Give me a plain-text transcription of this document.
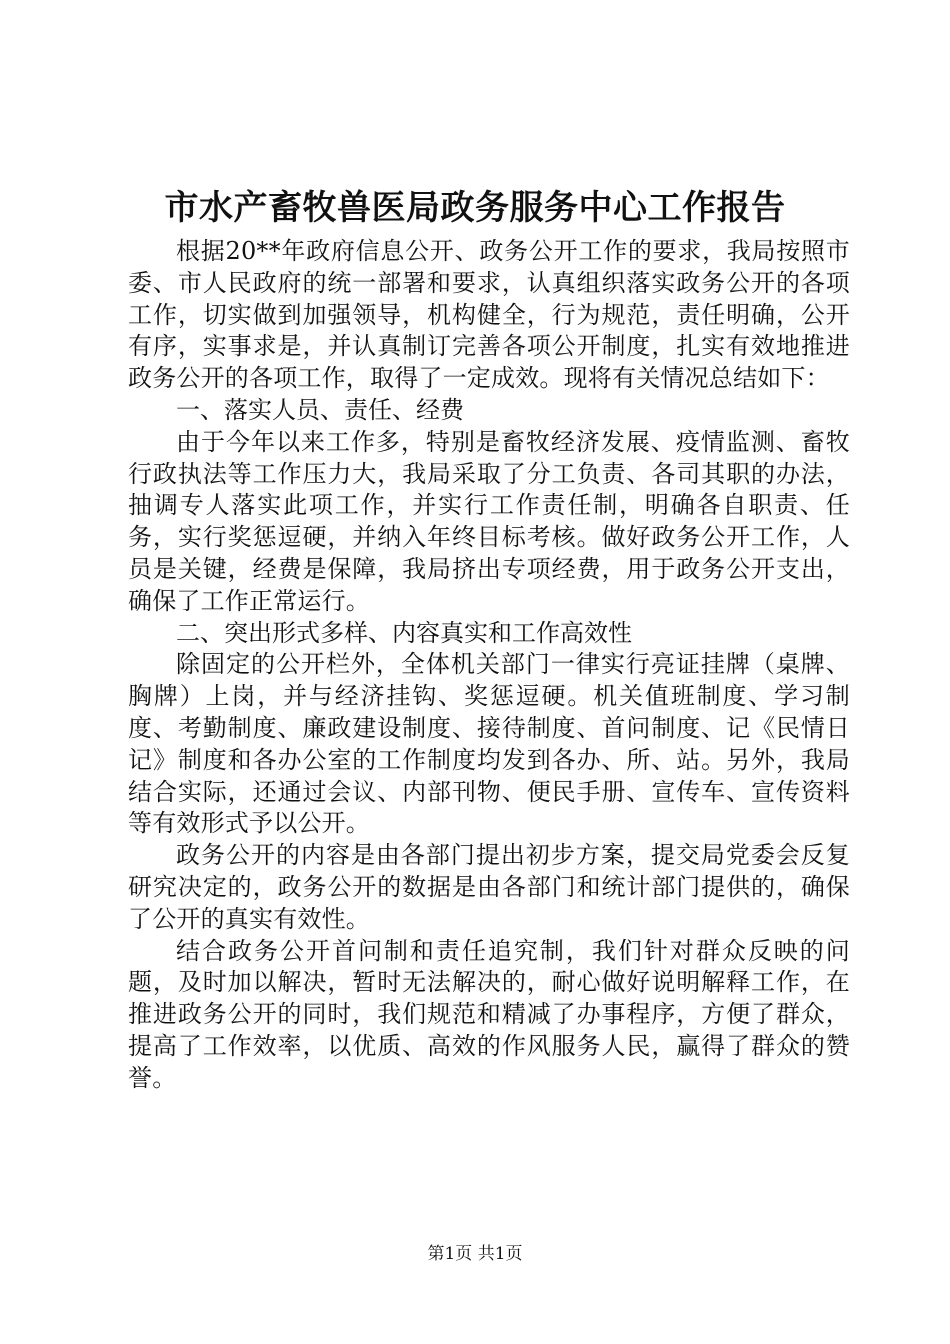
市水产畜牧兽医局政务服务中心工作报告

根据20**年政府信息公开、政务公开工作的要求，我局按照市委、市人民政府的统一部署和要求，认真组织落实政务公开的各项工作，切实做到加强领导，机构健全，行为规范，责任明确，公开有序，实事求是，并认真制订完善各项公开制度，扎实有效地推进政务公开的各项工作，取得了一定成效。现将有关情况总结如下：

一、落实人员、责任、经费

由于今年以来工作多，特别是畜牧经济发展、疫情监测、畜牧行政执法等工作压力大，我局采取了分工负责、各司其职的办法，抽调专人落实此项工作，并实行工作责任制，明确各自职责、任务，实行奖惩逗硬，并纳入年终目标考核。做好政务公开工作，人员是关键，经费是保障，我局挤出专项经费，用于政务公开支出，确保了工作正常运行。

二、突出形式多样、内容真实和工作高效性

除固定的公开栏外，全体机关部门一律实行亮证挂牌（桌牌、胸牌）上岗，并与经济挂钩、奖惩逗硬。机关值班制度、学习制度、考勤制度、廉政建设制度、接待制度、首问制度、记《民情日记》制度和各办公室的工作制度均发到各办、所、站。另外，我局结合实际，还通过会议、内部刊物、便民手册、宣传车、宣传资料等有效形式予以公开。

政务公开的内容是由各部门提出初步方案，提交局党委会反复研究决定的，政务公开的数据是由各部门和统计部门提供的，确保了公开的真实有效性。

结合政务公开首问制和责任追究制，我们针对群众反映的问题，及时加以解决，暂时无法解决的，耐心做好说明解释工作，在推进政务公开的同时，我们规范和精减了办事程序，方便了群众，提高了工作效率，以优质、高效的作风服务人民，赢得了群众的赞誉。

第1页 共1页
